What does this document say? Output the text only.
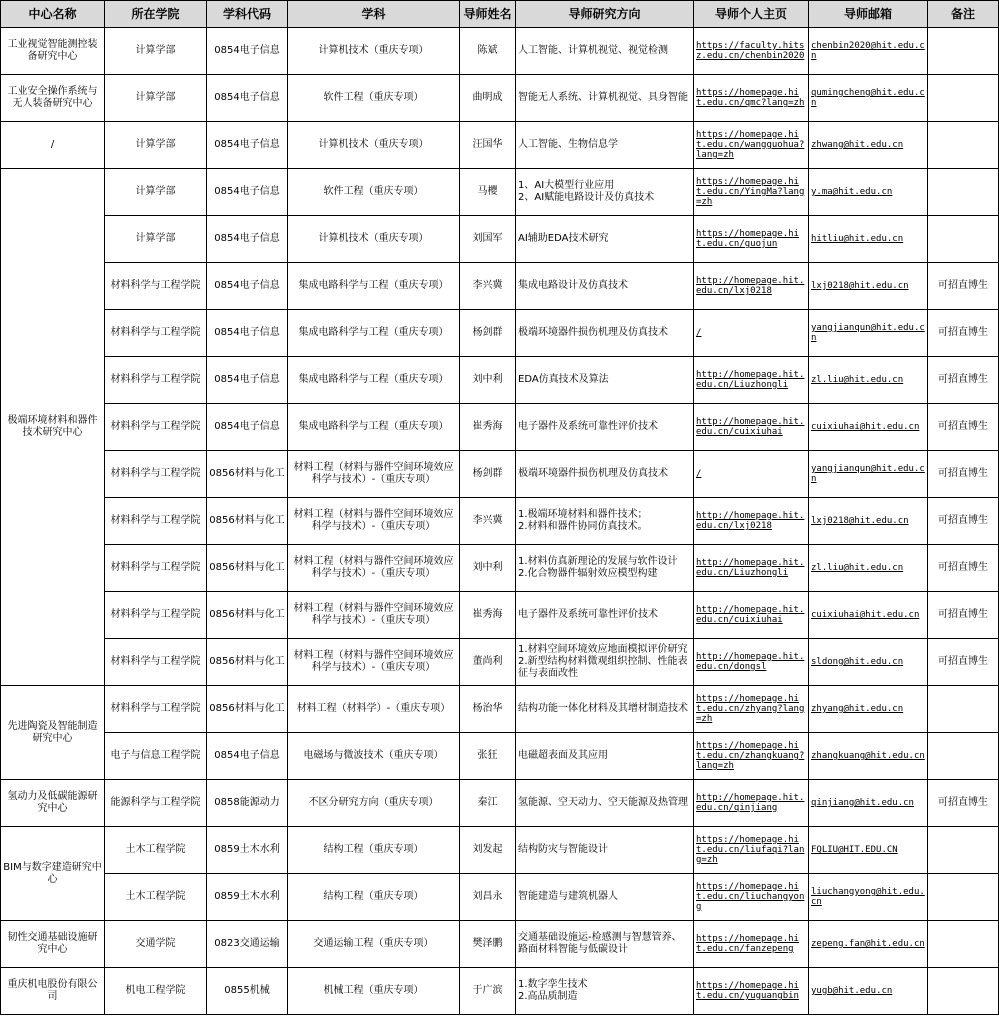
中心名称	所在学院	学科代码	学科	导师姓名	导师研究方向	导师个人主页	导师邮箱	备注
工业视觉智能测控装备研究中心	计算学部	0854电子信息	计算机技术（重庆专项）	陈斌	人工智能、计算机视觉、视觉检测	https://faculty.hitsz.edu.cn/chenbin2020	chenbin2020@hit.edu.cn	
工业安全操作系统与无人装备研究中心	计算学部	0854电子信息	软件工程（重庆专项）	曲明成	智能无人系统、计算机视觉、具身智能	https://homepage.hit.edu.cn/qmc?lang=zh	qumingcheng@hit.edu.cn	
/	计算学部	0854电子信息	计算机技术（重庆专项）	汪国华	人工智能、生物信息学	https://homepage.hit.edu.cn/wangguohua?lang=zh	zhwang@hit.edu.cn	
极端环境材料和器件技术研究中心	计算学部	0854电子信息	软件工程（重庆专项）	马樱	1、AI大模型行业应用
2、AI赋能电路设计及仿真技术	https://homepage.hit.edu.cn/YingMa?lang=zh	y.ma@hit.edu.cn	
	计算学部	0854电子信息	计算机技术（重庆专项）	刘国军	AI辅助EDA技术研究	https://homepage.hit.edu.cn/guojun	hitliu@hit.edu.cn	
	材料科学与工程学院	0854电子信息	集成电路科学与工程（重庆专项）	李兴冀	集成电路设计及仿真技术	http://homepage.hit.edu.cn/lxj0218	lxj0218@hit.edu.cn	可招直博生
	材料科学与工程学院	0854电子信息	集成电路科学与工程（重庆专项）	杨剑群	极端环境器件损伤机理及仿真技术	/	yangjianqun@hit.edu.cn	可招直博生
	材料科学与工程学院	0854电子信息	集成电路科学与工程（重庆专项）	刘中利	EDA仿真技术及算法	http://homepage.hit.edu.cn/Liuzhongli	zl.liu@hit.edu.cn	可招直博生
	材料科学与工程学院	0854电子信息	集成电路科学与工程（重庆专项）	崔秀海	电子器件及系统可靠性评价技术	http://homepage.hit.edu.cn/cuixiuhai	cuixiuhai@hit.edu.cn	可招直博生
	材料科学与工程学院	0856材料与化工	材料工程（材料与器件空间环境效应科学与技术）-（重庆专项）	杨剑群	极端环境器件损伤机理及仿真技术	/	yangjianqun@hit.edu.cn	可招直博生
	材料科学与工程学院	0856材料与化工	材料工程（材料与器件空间环境效应科学与技术）-（重庆专项）	李兴冀	1.极端环境材料和器件技术；
2.材料和器件协同仿真技术。	http://homepage.hit.edu.cn/lxj0218	lxj0218@hit.edu.cn	可招直博生
	材料科学与工程学院	0856材料与化工	材料工程（材料与器件空间环境效应科学与技术）-（重庆专项）	刘中利	1.材料仿真新理论的发展与软件设计
2.化合物器件辐射效应模型构建	http://homepage.hit.edu.cn/Liuzhongli	zl.liu@hit.edu.cn	可招直博生
	材料科学与工程学院	0856材料与化工	材料工程（材料与器件空间环境效应科学与技术）-（重庆专项）	崔秀海	电子器件及系统可靠性评价技术	http://homepage.hit.edu.cn/cuixiuhai	cuixiuhai@hit.edu.cn	可招直博生
	材料科学与工程学院	0856材料与化工	材料工程（材料与器件空间环境效应科学与技术）-（重庆专项）	董尚利	1.材料空间环境效应地面模拟评价研究
2.新型结构材料微观组织控制、性能表征与表面改性	http://homepage.hit.edu.cn/dongsl	sldong@hit.edu.cn	可招直博生
先进陶瓷及智能制造研究中心	材料科学与工程学院	0856材料与化工	材料工程（材料学）-（重庆专项）	杨治华	结构功能一体化材料及其增材制造技术	https://homepage.hit.edu.cn/zhyang?lang=zh	zhyang@hit.edu.cn	
	电子与信息工程学院	0854电子信息	电磁场与微波技术（重庆专项）	张狂	电磁超表面及其应用	https://homepage.hit.edu.cn/zhangkuang?lang=zh	zhangkuang@hit.edu.cn	
氢动力及低碳能源研究中心	能源科学与工程学院	0858能源动力	不区分研究方向（重庆专项）	秦江	氢能源、空天动力、空天能源及热管理	http://homepage.hit.edu.cn/qinjiang	qinjiang@hit.edu.cn	可招直博生
BIM与数字建造研究中心	土木工程学院	0859土木水利	结构工程（重庆专项）	刘发起	结构防灾与智能设计	https://homepage.hit.edu.cn/liufaqi?lang=zh	FQLIU@HIT.EDU.CN	
	土木工程学院	0859土木水利	结构工程（重庆专项）	刘昌永	智能建造与建筑机器人	https://homepage.hit.edu.cn/liuchangyong	liuchangyong@hit.edu.cn	
韧性交通基础设施研究中心	交通学院	0823交通运输	交通运输工程（重庆专项）	樊泽鹏	交通基础设施运-检感测与智慧管养、路面材料智能与低碳设计	https://homepage.hit.edu.cn/fanzepeng	zepeng.fan@hit.edu.cn	
重庆机电股份有限公司	机电工程学院	0855机械	机械工程（重庆专项）	于广滨	1.数字孪生技术
2.高品质制造	https://homepage.hit.edu.cn/yuguangbin	yugb@hit.edu.cn	
